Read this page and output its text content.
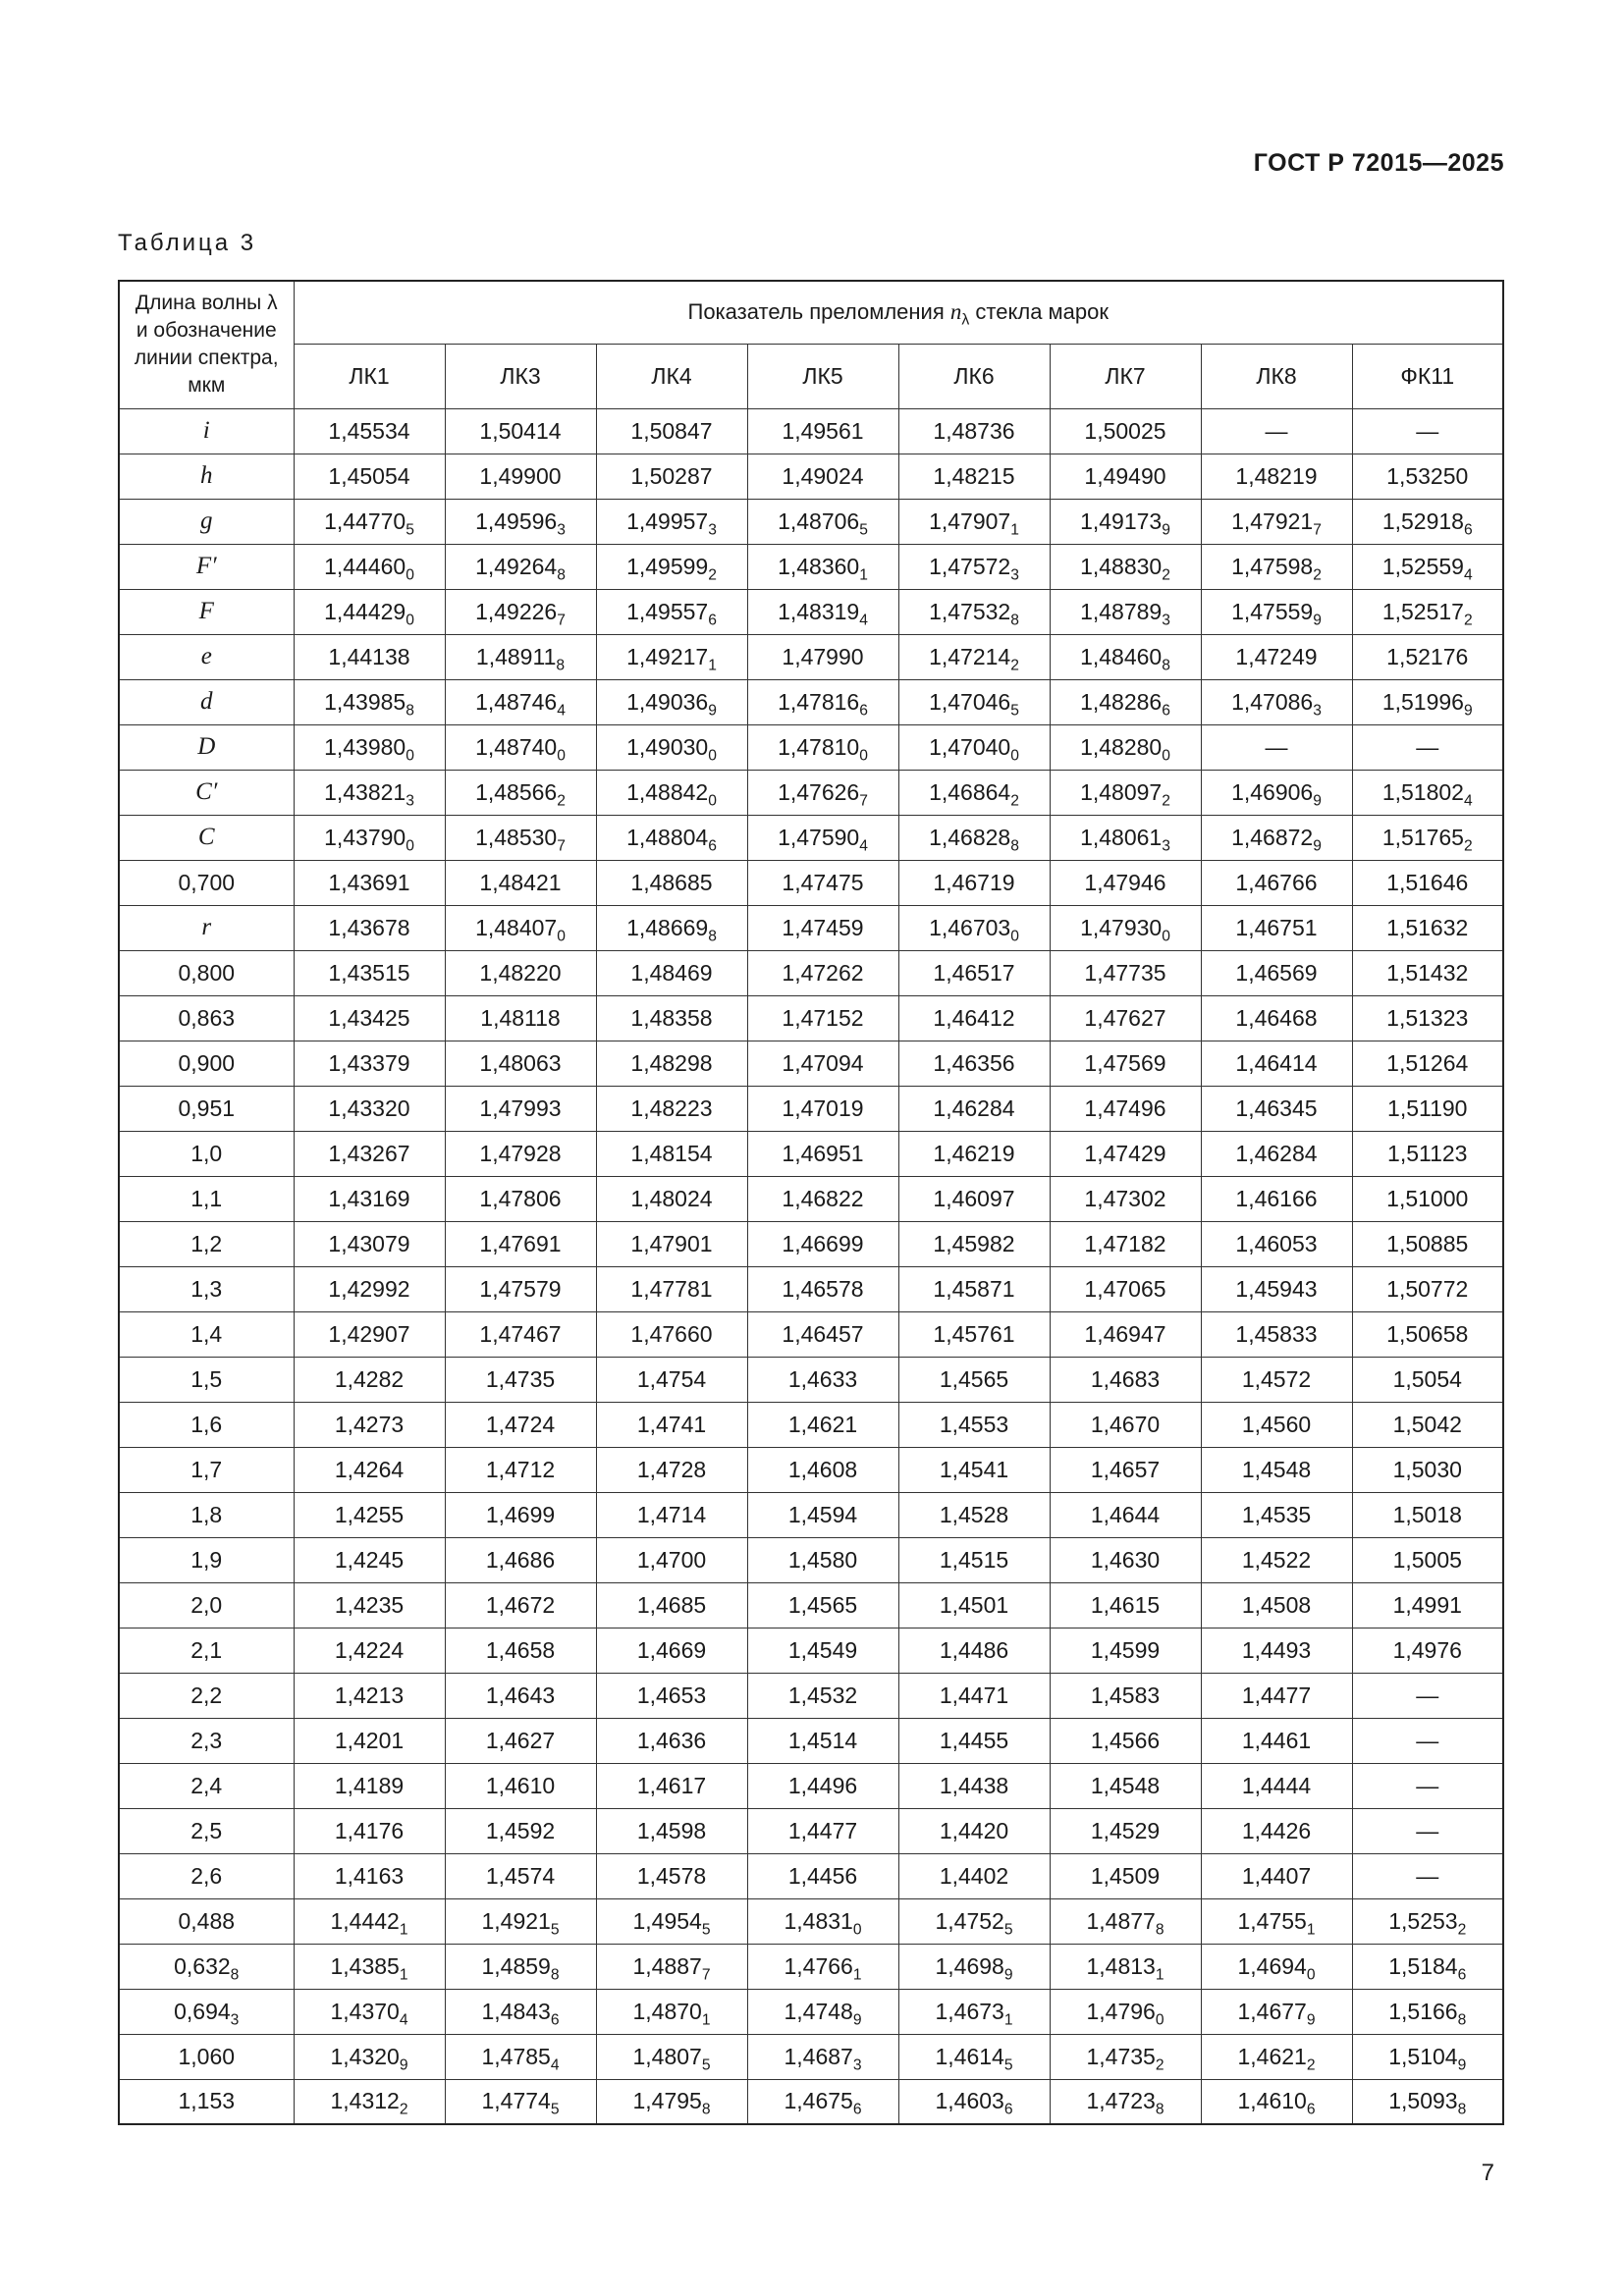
ГОСТ Р 72015—2025
Таблица 3
Длина волны λ
и обозначение
линии спектра,
мкм	Показатель преломления $n_\lambda$ стекла марок							
	ЛК1	ЛК3	ЛК4	ЛК5	ЛК6	ЛК7	ЛК8	ФК11
i	1,45534	1,50414	1,50847	1,49561	1,48736	1,50025	—	—
h	1,45054	1,49900	1,50287	1,49024	1,48215	1,49490	1,48219	1,53250
g	$1,44770_5$	$1,49596_3$	$1,49957_3$	$1,48706_5$	$1,47907_1$	$1,49173_9$	$1,47921_7$	$1,52918_6$
F′	$1,44460_0$	$1,49264_8$	$1,49599_2$	$1,48360_1$	$1,47572_3$	$1,48830_2$	$1,47598_2$	$1,52559_4$
F	$1,44429_0$	$1,49226_7$	$1,49557_6$	$1,48319_4$	$1,47532_8$	$1,48789_3$	$1,47559_9$	$1,52517_2$
e	1,44138	$1,48911_8$	$1,49217_1$	1,47990	$1,47214_2$	$1,48460_8$	1,47249	1,52176
d	$1,43985_8$	$1,48746_4$	$1,49036_9$	$1,47816_6$	$1,47046_5$	$1,48286_6$	$1,47086_3$	$1,51996_9$
D	$1,43980_0$	$1,48740_0$	$1,49030_0$	$1,47810_0$	$1,47040_0$	$1,48280_0$	—	—
C′	$1,43821_3$	$1,48566_2$	$1,48842_0$	$1,47626_7$	$1,46864_2$	$1,48097_2$	$1,46906_9$	$1,51802_4$
C	$1,43790_0$	$1,48530_7$	$1,48804_6$	$1,47590_4$	$1,46828_8$	$1,48061_3$	$1,46872_9$	$1,51765_2$
0,700	1,43691	1,48421	1,48685	1,47475	1,46719	1,47946	1,46766	1,51646
r	1,43678	$1,48407_0$	$1,48669_8$	1,47459	$1,46703_0$	$1,47930_0$	1,46751	1,51632
0,800	1,43515	1,48220	1,48469	1,47262	1,46517	1,47735	1,46569	1,51432
0,863	1,43425	1,48118	1,48358	1,47152	1,46412	1,47627	1,46468	1,51323
0,900	1,43379	1,48063	1,48298	1,47094	1,46356	1,47569	1,46414	1,51264
0,951	1,43320	1,47993	1,48223	1,47019	1,46284	1,47496	1,46345	1,51190
1,0	1,43267	1,47928	1,48154	1,46951	1,46219	1,47429	1,46284	1,51123
1,1	1,43169	1,47806	1,48024	1,46822	1,46097	1,47302	1,46166	1,51000
1,2	1,43079	1,47691	1,47901	1,46699	1,45982	1,47182	1,46053	1,50885
1,3	1,42992	1,47579	1,47781	1,46578	1,45871	1,47065	1,45943	1,50772
1,4	1,42907	1,47467	1,47660	1,46457	1,45761	1,46947	1,45833	1,50658
1,5	1,4282	1,4735	1,4754	1,4633	1,4565	1,4683	1,4572	1,5054
1,6	1,4273	1,4724	1,4741	1,4621	1,4553	1,4670	1,4560	1,5042
1,7	1,4264	1,4712	1,4728	1,4608	1,4541	1,4657	1,4548	1,5030
1,8	1,4255	1,4699	1,4714	1,4594	1,4528	1,4644	1,4535	1,5018
1,9	1,4245	1,4686	1,4700	1,4580	1,4515	1,4630	1,4522	1,5005
2,0	1,4235	1,4672	1,4685	1,4565	1,4501	1,4615	1,4508	1,4991
2,1	1,4224	1,4658	1,4669	1,4549	1,4486	1,4599	1,4493	1,4976
2,2	1,4213	1,4643	1,4653	1,4532	1,4471	1,4583	1,4477	—
2,3	1,4201	1,4627	1,4636	1,4514	1,4455	1,4566	1,4461	—
2,4	1,4189	1,4610	1,4617	1,4496	1,4438	1,4548	1,4444	—
2,5	1,4176	1,4592	1,4598	1,4477	1,4420	1,4529	1,4426	—
2,6	1,4163	1,4574	1,4578	1,4456	1,4402	1,4509	1,4407	—
0,488	$1,4442_1$	$1,4921_5$	$1,4954_5$	$1,4831_0$	$1,4752_5$	$1,4877_8$	$1,4755_1$	$1,5253_2$
$0,632_8$	$1,4385_1$	$1,4859_8$	$1,4887_7$	$1,4766_1$	$1,4698_9$	$1,4813_1$	$1,4694_0$	$1,5184_6$
$0,694_3$	$1,4370_4$	$1,4843_6$	$1,4870_1$	$1,4748_9$	$1,4673_1$	$1,4796_0$	$1,4677_9$	$1,5166_8$
1,060	$1,4320_9$	$1,4785_4$	$1,4807_5$	$1,4687_3$	$1,4614_5$	$1,4735_2$	$1,4621_2$	$1,5104_9$
1,153	$1,4312_2$	$1,4774_5$	$1,4795_8$	$1,4675_6$	$1,4603_6$	$1,4723_8$	$1,4610_6$	$1,5093_8$
7
